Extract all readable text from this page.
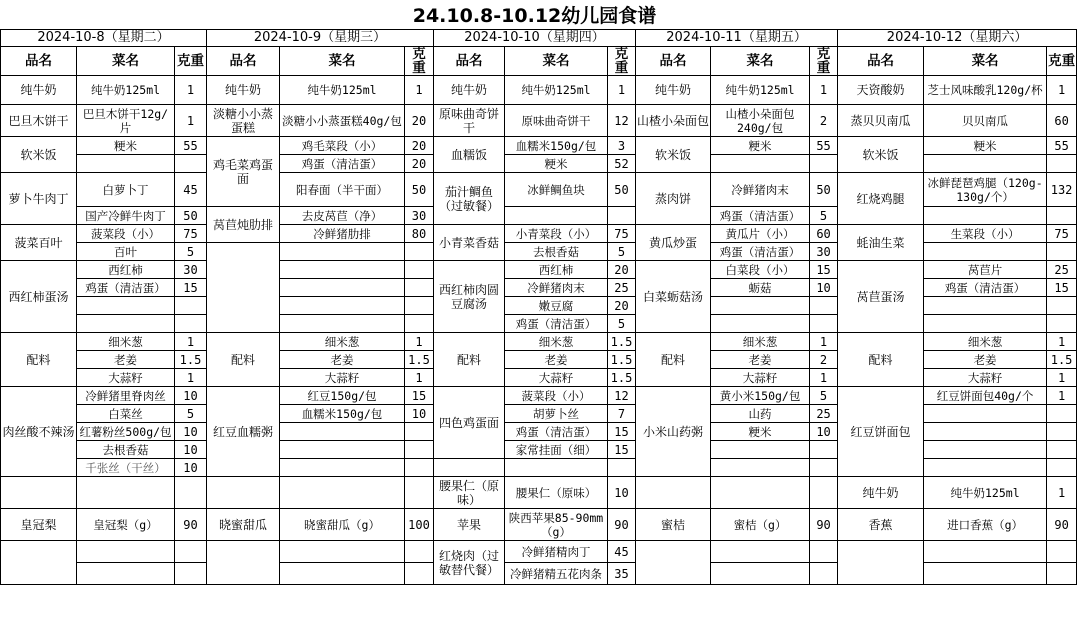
24.10.8-10.12幼儿园食谱
2024-10-8（星期二）			2024-10-9（星期三）			2024-10-10（星期四）			2024-10-11（星期五）			2024-10-12（星期六）		
品名	菜名	克重	品名	菜名	克重	品名	菜名	克重	品名	菜名	克重	品名	菜名	克重
纯牛奶	纯牛奶125ml	1	纯牛奶	纯牛奶125ml	1	纯牛奶	纯牛奶125ml	1	纯牛奶	纯牛奶125ml	1	天资酸奶	芝士风味酸乳120g/杯	1
巴旦木饼干	巴旦木饼干12g/片	1	淡糖小小蒸蛋糕	淡糖小小蒸蛋糕40g/包	20	原味曲奇饼干	原味曲奇饼干	12	山楂小朵面包	山楂小朵面包240g/包	2	蒸贝贝南瓜	贝贝南瓜	60
软米饭	粳米	55	鸡毛菜鸡蛋面	鸡毛菜段（小）	20	血糯饭	血糯米150g/包	3	软米饭	粳米	55	软米饭	粳米	55
				鸡蛋（清洁蛋）	20		粳米	52						
萝卜牛肉丁	白萝卜丁	45		阳春面（半干面）	50	茄汁鲷鱼（过敏餐）	冰鲜鲷鱼块	50	蒸肉饼	冷鲜猪肉末	50	红烧鸡腿	冰鲜琵琶鸡腿（120g-130g/个）	132
	国产冷鲜牛肉丁	50	莴苣炖肋排	去皮莴苣（净）	30					鸡蛋（清洁蛋）	5			
菠菜百叶	菠菜段（小）	75		冷鲜猪肋排	80	小青菜香菇	小青菜段（小）	75	黄瓜炒蛋	黄瓜片（小）	60	蚝油生菜	生菜段（小）	75
	百叶	5					去根香菇	5		鸡蛋（清洁蛋）	30			
西红柿蛋汤	西红柿	30				西红柿肉圆豆腐汤	西红柿	20	白菜蛎菇汤	白菜段（小）	15	莴苣蛋汤	莴苣片	25
	鸡蛋（清洁蛋）	15					冷鲜猪肉末	25		蛎菇	10		鸡蛋（清洁蛋）	15
							嫩豆腐	20						
							鸡蛋（清洁蛋）	5						
配料	细米葱	1	配料	细米葱	1	配料	细米葱	1.5	配料	细米葱	1	配料	细米葱	1
	老姜	1.5		老姜	1.5		老姜	1.5		老姜	2		老姜	1.5
	大蒜籽	1		大蒜籽	1		大蒜籽	1.5		大蒜籽	1		大蒜籽	1
肉丝酸不辣汤	冷鲜猪里脊肉丝	10	红豆血糯粥	红豆150g/包	15	四色鸡蛋面	菠菜段（小）	12	小米山药粥	黄小米150g/包	5	红豆饼面包	红豆饼面包40g/个	1
	白菜丝	5		血糯米150g/包	10		胡萝卜丝	7		山药	25			
	红薯粉丝500g/包	10					鸡蛋（清洁蛋）	15		粳米	10			
	去根香菇	10					家常挂面（细）	15						
	千张丝（干丝）	10												
						腰果仁（原味）	腰果仁（原味）	10				纯牛奶	纯牛奶125ml	1
皇冠梨	皇冠梨（g）	90	晓蜜甜瓜	晓蜜甜瓜（g）	100	苹果	陕西苹果85-90mm（g）	90	蜜桔	蜜桔（g）	90	香蕉	进口香蕉（g）	90
						红烧肉（过敏替代餐）	冷鲜猪精肉丁	45						
							冷鲜猪精五花肉条	35						
